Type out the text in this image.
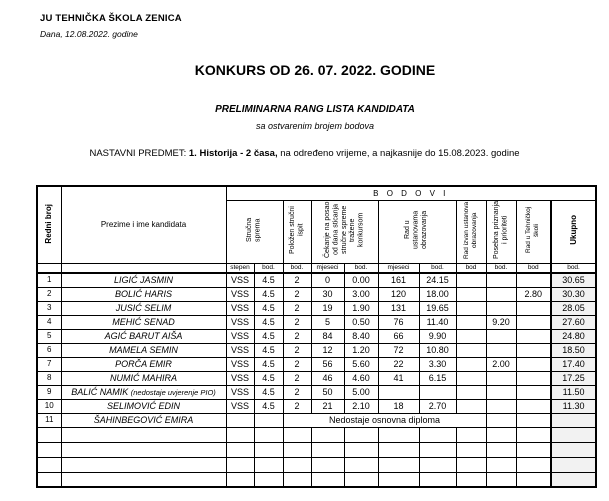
JU TEHNIČKA ŠKOLA ZENICA
Dana, 12.08.2022. godine
KONKURS OD 26. 07. 2022. GODINE
PRELIMINARNA RANG LISTA KANDIDATA
sa ostvarenim brojem bodova
NASTAVNI PREDMET: 1. Historija - 2 časa, na određeno vrijeme, a najkasnije do 15.08.2023. godine
Redni broj	Prezime i ime kandidata	B O D O V I										
		Stručna sprema		Položen stručni ispit	Čekanje na posao od dana sticanja stručne spreme tražene konkursom		Rad u ustanovama obrazovanja		Rad izvan ustanova obrazovanja	Posebna priznanja i prioriteti	Rad u Tehničkoj školi	Ukupno
		stepen	bod.	bod.	mjeseci	bod.	mjeseci	bod.	bod	bod.	bod	bod.
1	LIGIĆ JASMIN	VSS	4.5	2	0	0.00	161	24.15				30.65
2	BOLIĆ HARIS	VSS	4.5	2	30	3.00	120	18.00			2.80	30.30
3	JUSIĆ SELIM	VSS	4.5	2	19	1.90	131	19.65				28.05
4	MEHIĆ SENAD	VSS	4.5	2	5	0.50	76	11.40		9.20		27.60
5	AGIĆ BARUT AIŠA	VSS	4.5	2	84	8.40	66	9.90				24.80
6	MAMELA SEMIN	VSS	4.5	2	12	1.20	72	10.80				18.50
7	PORČA EMIR	VSS	4.5	2	56	5.60	22	3.30		2.00		17.40
8	NUMIĆ MAHIRA	VSS	4.5	2	46	4.60	41	6.15				17.25
9	BALIĆ NAMIK (nedostaje uvjerenje PIO)	VSS	4.5	2	50	5.00						11.50
10	SELIMOVIĆ EDIN	VSS	4.5	2	21	2.10	18	2.70				11.30
11	ŠAHINBEGOVIĆ EMIRA			Nedostaje osnovna diploma								
